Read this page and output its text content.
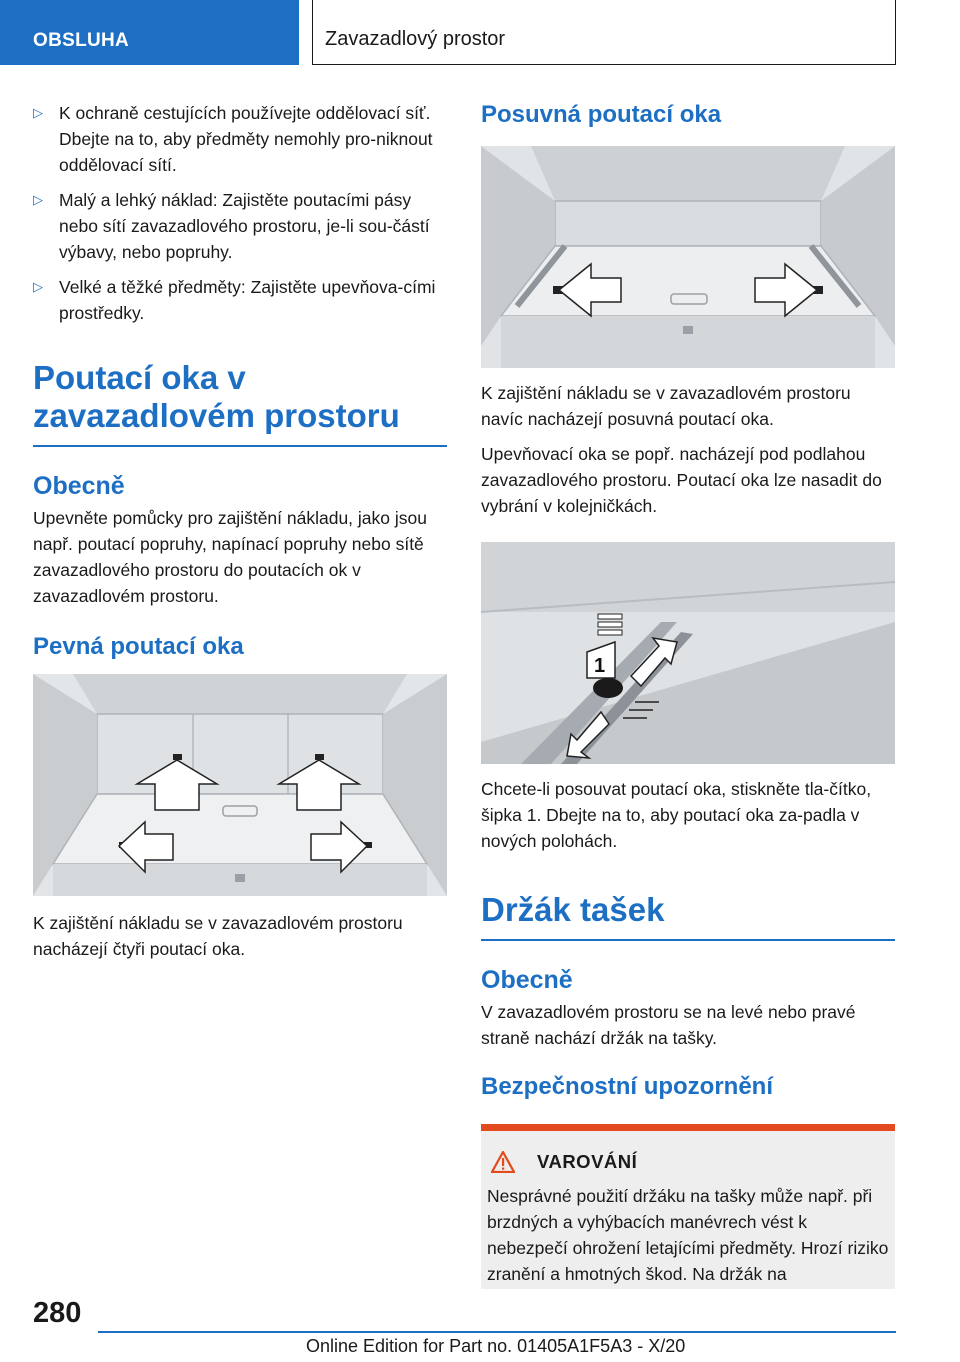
OBSLUHA	Zavazadlový prostor
▷ K ochraně cestujících používejte oddělovací síť. Dbejte na to, aby předměty nemohly pro-niknout oddělovací sítí.
▷ Malý a lehký náklad: Zajistěte poutacími pásy nebo sítí zavazadlového prostoru, je-li sou-částí výbavy, nebo popruhy.
▷ Velké a těžké předměty: Zajistěte upevňova-cími prostředky.
Poutací oka v zavazadlovém prostoru
Obecně
Upevněte pomůcky pro zajištění nákladu, jako jsou např. poutací popruhy, napínací popruhy nebo sítě zavazadlového prostoru do poutacích ok v zavazadlovém prostoru.
Pevná poutací oka
K zajištění nákladu se v zavazadlovém prostoru nacházejí čtyři poutací oka.
Posuvná poutací oka
K zajištění nákladu se v zavazadlovém prostoru navíc nacházejí posuvná poutací oka.
Upevňovací oka se popř. nacházejí pod podlahou zavazadlového prostoru. Poutací oka lze nasadit do vybrání v kolejničkách.
1
Chcete-li posouvat poutací oka, stiskněte tla-čítko, šipka 1. Dbejte na to, aby poutací oka za-padla v nových polohách.
Držák tašek
Obecně
V zavazadlovém prostoru se na levé nebo pravé straně nachází držák na tašky.
Bezpečnostní upozornění
VAROVÁNÍ
Nesprávné použití držáku na tašky může např. při brzdných a vyhýbacích manévrech vést k nebezpečí ohrožení letajícími předměty. Hrozí riziko zranění a hmotných škod. Na držák na
280
Online Edition for Part no. 01405A1F5A3 - X/20
